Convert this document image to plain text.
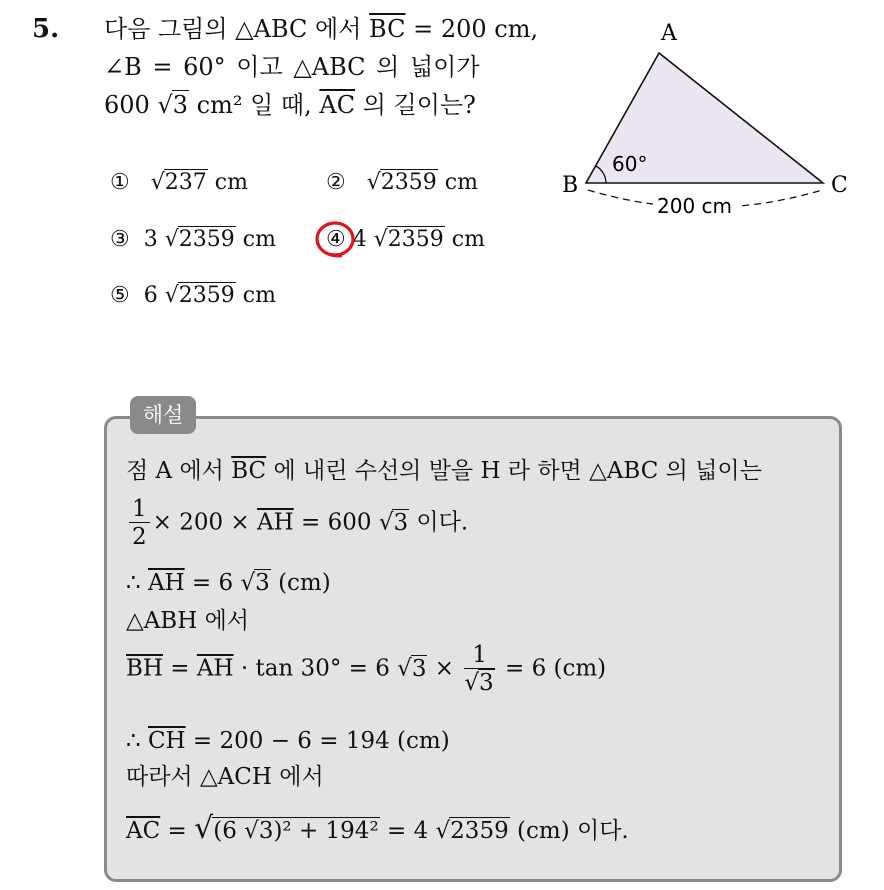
5. 다음 그림의 △ABC 에서 $\overline{BC} = 200$ cm,
∠B = 60° 이고 △ABC 의 넓이가
600 √3 cm² 일 때, $\overline{AC}$ 의 길이는?
① √237 cm	② √2359 cm
③ 3 √2359 cm ④ 4 √2359 cm
⑤ 6 √2359 cm
A
B	C
60°
200 cm
해설
점 A 에서 $\overline{BC}$ 에 내린 수선의 발을 H 라 하면 △ABC 의 넓이는
$\frac{1}{2} \times 200 \times \overline{AH} = 600$ √3 이다.
∴ $\overline{AH} = 6$ √3 (cm)
△ABH 에서
$\overline{BH} = \overline{AH} \cdot \tan 30^\circ = 6$ $√3 \times \frac{1}{√3} = 6$ (cm)
∴ $\overline{CH} = 200 - 6 = 194$ (cm)
따라서 △ACH 에서
$\overline{AC} = √(6$ √3)² + 194² = 4 √2359 (cm) 이다.
